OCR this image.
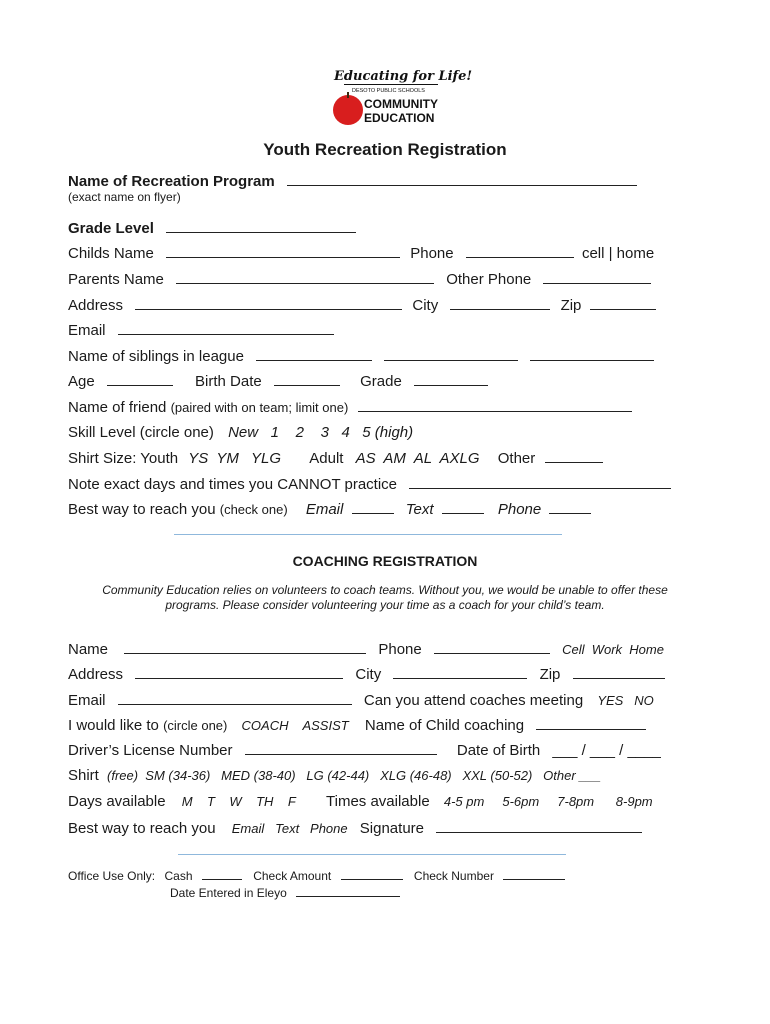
Educating for Life!
DESOTO PUBLIC SCHOOLS
COMMUNITY
EDUCATION
Youth Recreation Registration
Name of Recreation Program
(exact name on flyer)
Grade Level
Childs Name	Phone	cell | home
Parents Name	Other Phone
Address	City	Zip
Email
Name of siblings in league
Age	Birth Date	Grade
Name of friend (paired with on team; limit one)
Skill Level (circle one) New   1    2    3   4   5 (high)
Shirt Size: Youth YS  YM   YLG Adult AS  AM  AL  AXLG Other
Note exact days and times you CANNOT practice
Best way to reach you (check one) Email	Text	Phone
COACHING REGISTRATION
Community Education relies on volunteers to coach teams. Without you, we would be unable to offer these
programs. Please consider volunteering your time as a coach for your child’s team.
Name	Phone	Cell  Work  Home
Address	City	Zip
Email	Can you attend coaches meeting YES   NO
I would like to (circle one) COACH    ASSIST Name of Child coaching
Driver’s License Number	Date of Birth ___ / ___ / ____
Shirt (free)  SM (34-36)   MED (38-40)   LG (42-44)   XLG (46-48)   XXL (50-52)   Other ___
Days available M    T    W    TH    F Times available 4-5 pm     5-6pm     7-8pm      8-9pm
Best way to reach you Email   Text   Phone Signature
Office Use Only: Cash	Check Amount	Check Number
Date Entered in Eleyo
